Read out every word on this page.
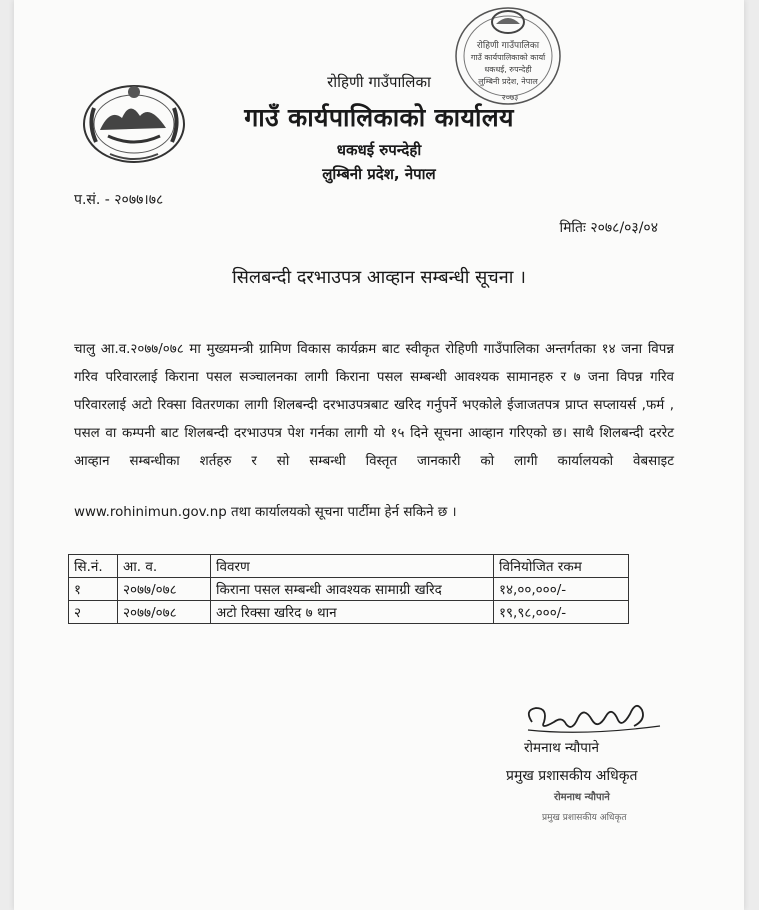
रोहिणी गाउँपालिका
गाउँ कार्यपालिकाको कार्या
धकधई, रुपन्देही
लुम्बिनी प्रदेश, नेपाल
२०७३
रोहिणी गाउँपालिका
गाउँ कार्यपालिकाको कार्यालय
धकधई रुपन्देही
लुम्बिनी प्रदेश, नेपाल
प.सं. - २०७७।७८
मितिः २०७८/०३/०४
सिलबन्दी दरभाउपत्र आव्हान सम्बन्धी सूचना ।
चालु आ.व.२०७७/०७८ मा मुख्यमन्त्री ग्रामिण विकास कार्यक्रम बाट स्वीकृत रोहिणी गाउँपालिका अन्तर्गतका १४ जना विपन्न गरिव परिवारलाई किराना पसल सञ्चालनका लागी किराना पसल सम्बन्धी आवश्यक सामानहरु र ७ जना विपन्न गरिव परिवारलाई अटो रिक्सा वितरणका लागी शिलबन्दी दरभाउपत्रबाट खरिद गर्नुपर्ने भएकोले ईजाजतपत्र प्राप्त सप्लायर्स ,फर्म , पसल वा कम्पनी बाट शिलबन्दी दरभाउपत्र पेश गर्नका लागी यो १५ दिने सूचना आव्हान गरिएको छ। साथै शिलबन्दी दररेट आव्हान सम्बन्धीका शर्तहरु र सो सम्बन्धी विस्तृत जानकारी को लागी कार्यालयको वेबसाइट
www.rohinimun.gov.np तथा कार्यालयको सूचना पार्टीमा हेर्न सकिने छ ।
सि.नं.	आ. व.	विवरण	विनियोजित रकम
१	२०७७/०७८	किराना पसल सम्बन्धी आवश्यक सामाग्री खरिद	१४,००,०००/-
२	२०७७/०७८	अटो रिक्सा खरिद ७ थान	१९,९८,०००/-
रोमनाथ न्यौपाने
प्रमुख प्रशासकीय अधिकृत
रोमनाथ न्यौपाने
प्रमुख प्रशासकीय अधिकृत
